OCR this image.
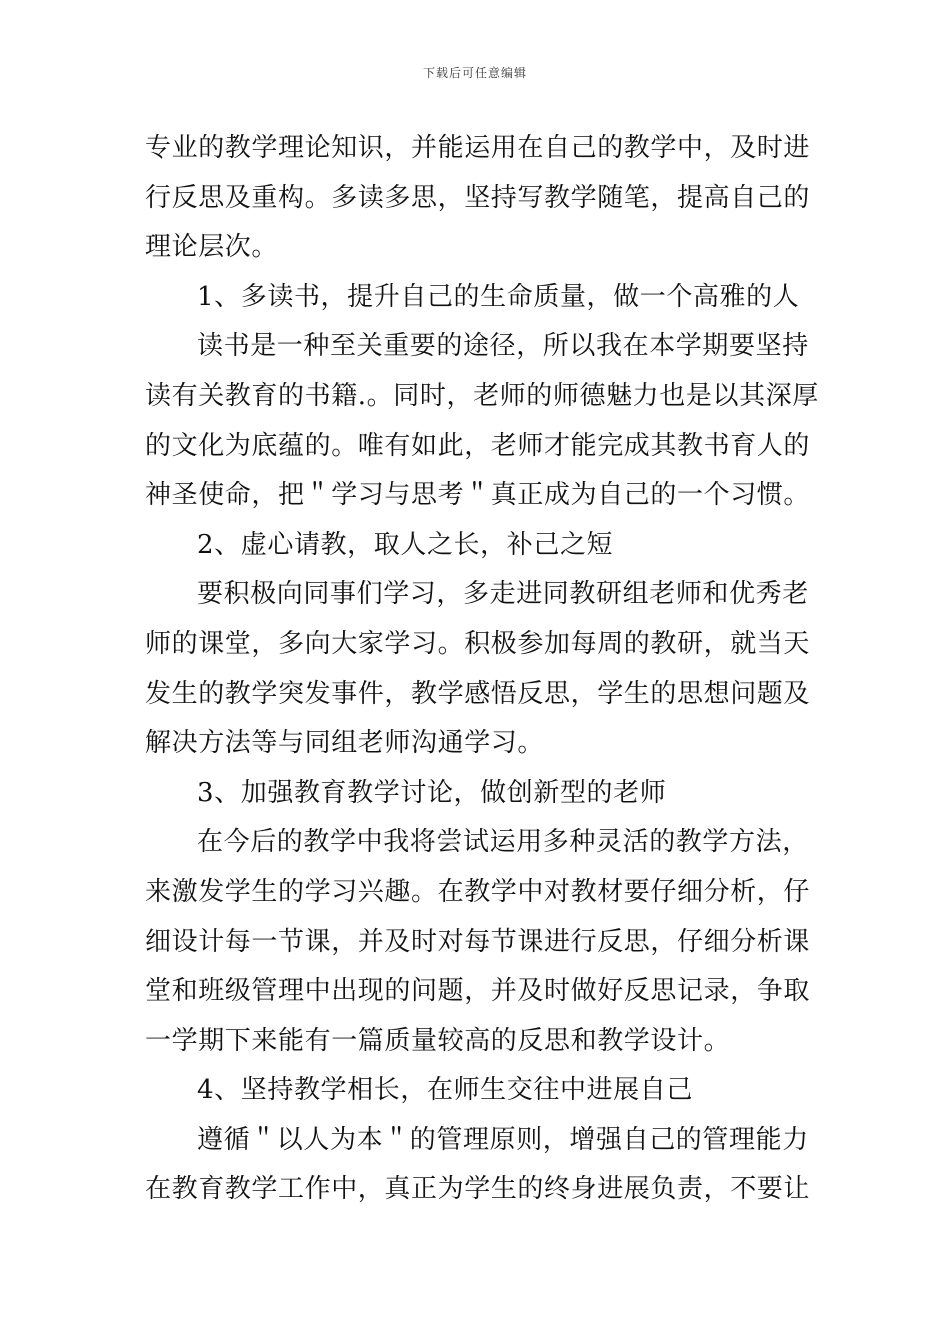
下载后可任意编辑
专业的教学理论知识，并能运用在自己的教学中，及时进
行反思及重构。多读多思，坚持写教学随笔，提高自己的
理论层次。
1、多读书，提升自己的生命质量，做一个高雅的人
读书是一种至关重要的途径，所以我在本学期要坚持
读有关教育的书籍.。同时，老师的师德魅力也是以其深厚
的文化为底蕴的。唯有如此，老师才能完成其教书育人的
神圣使命，把＂学习与思考＂真正成为自己的一个习惯。
2、虚心请教，取人之长，补己之短
要积极向同事们学习，多走进同教研组老师和优秀老
师的课堂，多向大家学习。积极参加每周的教研，就当天
发生的教学突发事件，教学感悟反思，学生的思想问题及
解决方法等与同组老师沟通学习。
3、加强教育教学讨论，做创新型的老师
在今后的教学中我将尝试运用多种灵活的教学方法，
来激发学生的学习兴趣。在教学中对教材要仔细分析，仔
细设计每一节课，并及时对每节课进行反思，仔细分析课
堂和班级管理中出现的问题，并及时做好反思记录，争取
一学期下来能有一篇质量较高的反思和教学设计。
4、坚持教学相长，在师生交往中进展自己
遵循＂以人为本＂的管理原则，增强自己的管理能力
在教育教学工作中，真正为学生的终身进展负责，不要让
